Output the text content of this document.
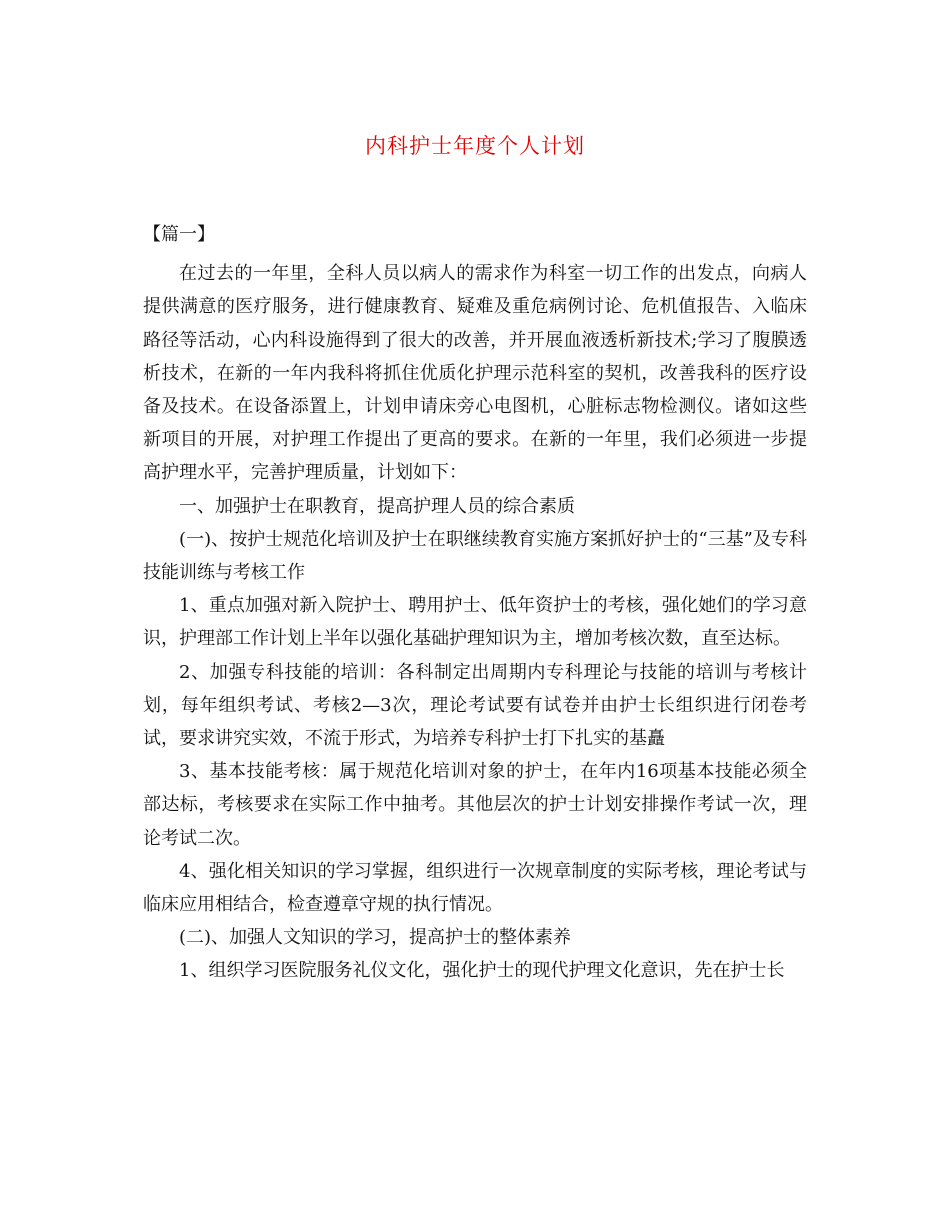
内科护士年度个人计划

【篇一】

在过去的一年里，全科人员以病人的需求作为科室一切工作的出发点，向病人提供满意的医疗服务，进行健康教育、疑难及重危病例讨论、危机值报告、入临床路径等活动，心内科设施得到了很大的改善，并开展血液透析新技术;学习了腹膜透析技术，在新的一年内我科将抓住优质化护理示范科室的契机，改善我科的医疗设备及技术。在设备添置上，计划申请床旁心电图机，心脏标志物检测仪。诸如这些新项目的开展，对护理工作提出了更高的要求。在新的一年里，我们必须进一步提高护理水平，完善护理质量，计划如下：

一、加强护士在职教育，提高护理人员的综合素质

(一)、按护士规范化培训及护士在职继续教育实施方案抓好护士的“三基”及专科技能训练与考核工作

1、重点加强对新入院护士、聘用护士、低年资护士的考核，强化她们的学习意识，护理部工作计划上半年以强化基础护理知识为主，增加考核次数，直至达标。

2、加强专科技能的培训：各科制定出周期内专科理论与技能的培训与考核计划，每年组织考试、考核2—3次，理论考试要有试卷并由护士长组织进行闭卷考试，要求讲究实效，不流于形式，为培养专科护士打下扎实的基矗

3、基本技能考核：属于规范化培训对象的护士，在年内16项基本技能必须全部达标，考核要求在实际工作中抽考。其他层次的护士计划安排操作考试一次，理论考试二次。

4、强化相关知识的学习掌握，组织进行一次规章制度的实际考核，理论考试与临床应用相结合，检查遵章守规的执行情况。

(二)、加强人文知识的学习，提高护士的整体素养

1、组织学习医院服务礼仪文化，强化护士的现代护理文化意识，先在护士长
